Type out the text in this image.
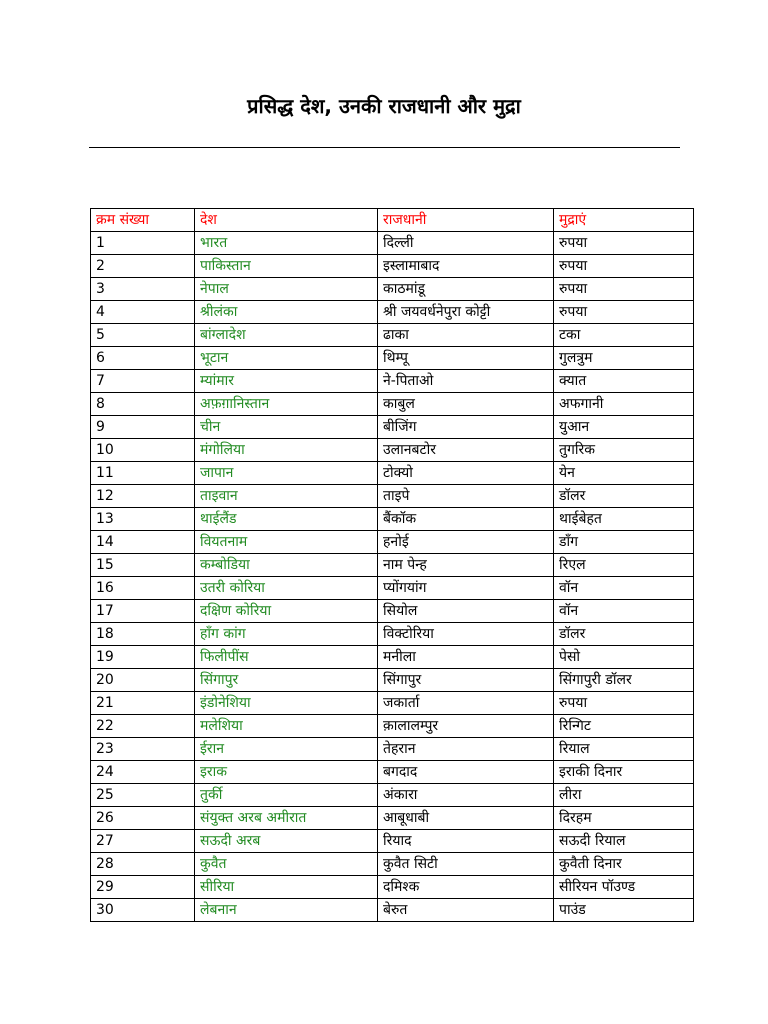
प्रसिद्ध देश, उनकी राजधानी और मुद्रा
क्रम संख्या	देश	राजधानी	मुद्राएं
1	भारत	दिल्ली	रुपया
2	पाकिस्तान	इस्लामाबाद	रुपया
3	नेपाल	काठमांडू	रुपया
4	श्रीलंका	श्री जयवर्धनेपुरा कोट्टी	रुपया
5	बांग्लादेश	ढाका	टका
6	भूटान	थिम्पू	गुलत्रुम
7	म्यांमार	ने-पिताओ	क्यात
8	अफ़ग़ानिस्तान	काबुल	अफगानी
9	चीन	बीजिंग	युआन
10	मंगोलिया	उलानबटोर	तुगरिक
11	जापान	टोक्यो	येन
12	ताइवान	ताइपे	डॉलर
13	थाईलैंड	बैंकॉक	थाईबेहत
14	वियतनाम	हनोई	डॉंग
15	कम्बोडिया	नाम पेन्ह	रिएल
16	उतरी कोरिया	प्योंगयांग	वॉन
17	दक्षिण कोरिया	सियोल	वॉन
18	हाँग कांग	विक्टोरिया	डॉलर
19	फिलीपींस	मनीला	पेसो
20	सिंगापुर	सिंगापुर	सिंगापुरी डॉलर
21	इंडोनेशिया	जकार्ता	रुपया
22	मलेशिया	क़ालालम्पुर	रिन्गिट
23	ईरान	तेहरान	रियाल
24	इराक	बगदाद	इराकी दिनार
25	तुर्की	अंकारा	लीरा
26	संयुक्त अरब अमीरात	आबूधाबी	दिरहम
27	सऊदी अरब	रियाद	सऊदी रियाल
28	कुवैत	कुवैत सिटी	कुवैती दिनार
29	सीरिया	दमिश्क	सीरियन पॉउण्ड
30	लेबनान	बेरुत	पाउंड
